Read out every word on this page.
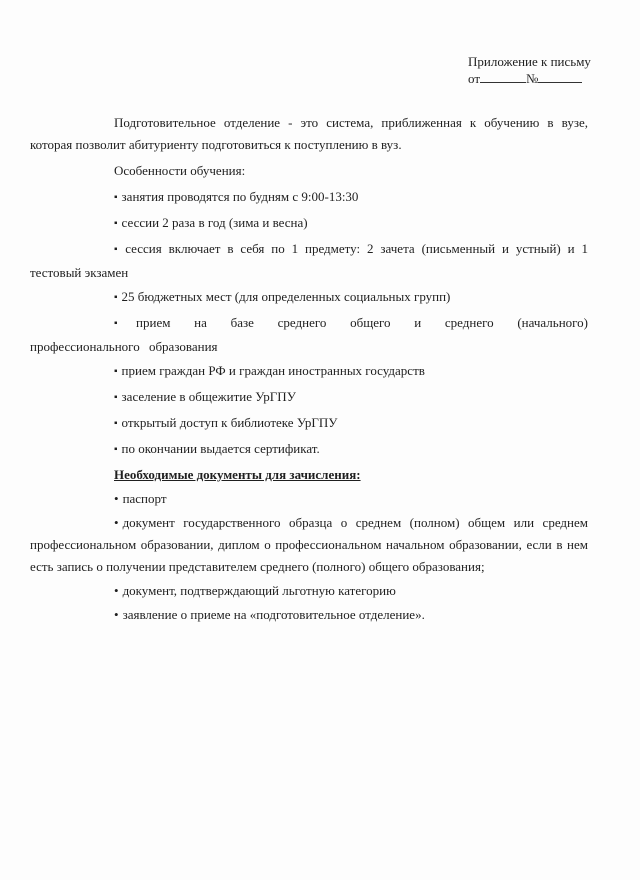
Приложение к письму
от	№

Подготовительное отделение - это система, приближенная к обучению в вузе, которая позволит абитуриенту подготовиться к поступлению в вуз.

Особенности обучения:

▪ занятия проводятся по будням с 9:00-13:30

▪ сессии 2 раза в год (зима и весна)

▪ сессия включает в себя по 1 предмету: 2 зачета (письменный и устный) и 1 тестовый экзамен

▪ 25 бюджетных мест (для определенных социальных групп)

▪ прием на базе среднего общего и среднего (начального) профессионального образования

▪ прием граждан РФ и граждан иностранных государств

▪ заселение в общежитие УрГПУ

▪ открытый доступ к библиотеке УрГПУ

▪ по окончании выдается сертификат.

Необходимые документы для зачисления:

• паспорт

• документ государственного образца о среднем (полном) общем или среднем профессиональном образовании, диплом о профессиональном начальном образовании, если в нем есть запись о получении представителем среднего (полного) общего образования;

• документ, подтверждающий льготную категорию

• заявление о приеме на «подготовительное отделение».
